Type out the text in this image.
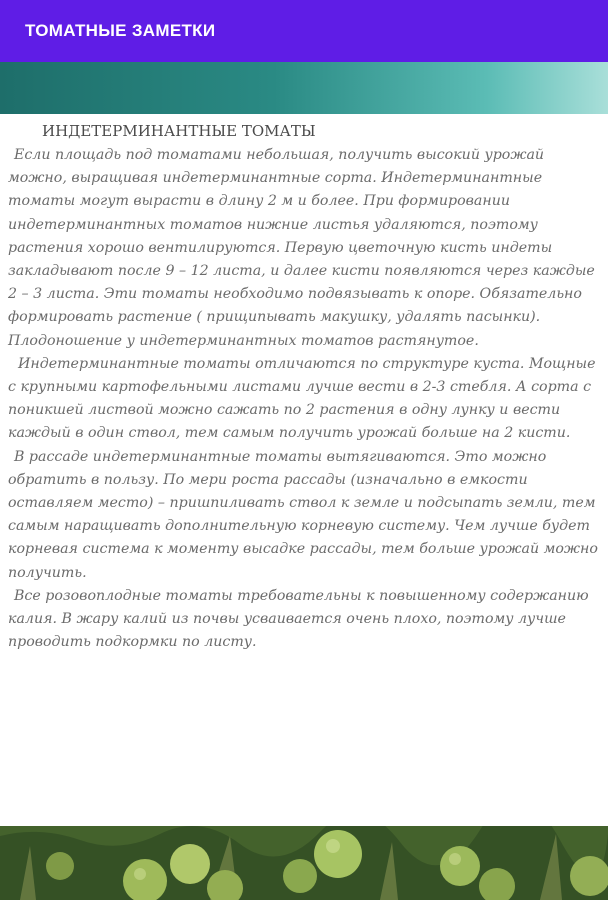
ТОМАТНЫЕ ЗАМЕТКИ
ИНДЕТЕРМИНАНТНЫЕ ТОМАТЫ

Если площадь под томатами небольшая, получить высокий урожай можно, выращивая индетерминантные сорта. Индетерминантные томаты могут вырасти в длину 2 м и более. При формировании индетерминантных томатов нижние листья удаляются, поэтому растения хорошо вентилируются. Первую цветочную кисть индеты закладывают после 9 – 12 листа, и далее кисти появляются через каждые 2 – 3 листа. Эти томаты необходимо подвязывать к опоре. Обязательно формировать растение ( прищипывать макушку, удалять пасынки). Плодоношение у индетерминантных томатов растянутое.

Индетерминантные томаты отличаются по структуре куста. Мощные с крупными картофельными листами лучше вести в 2-3 стебля. А сорта с поникшей листвой можно сажать по 2 растения в одну лунку и вести каждый в один ствол, тем самым получить урожай больше на 2 кисти.

В рассаде индетерминантные томаты вытягиваются. Это можно обратить в пользу. По мери роста рассады (изначально в емкости оставляем место) – пришпиливать ствол к земле и подсыпать земли, тем самым наращивать дополнительную корневую систему. Чем лучше будет корневая система к моменту высадке рассады, тем больше урожай можно получить.

Все розовоплодные томаты требовательны к повышенному содержанию калия. В жару калий из почвы усваивается очень плохо, поэтому лучше проводить подкормки по листу.
